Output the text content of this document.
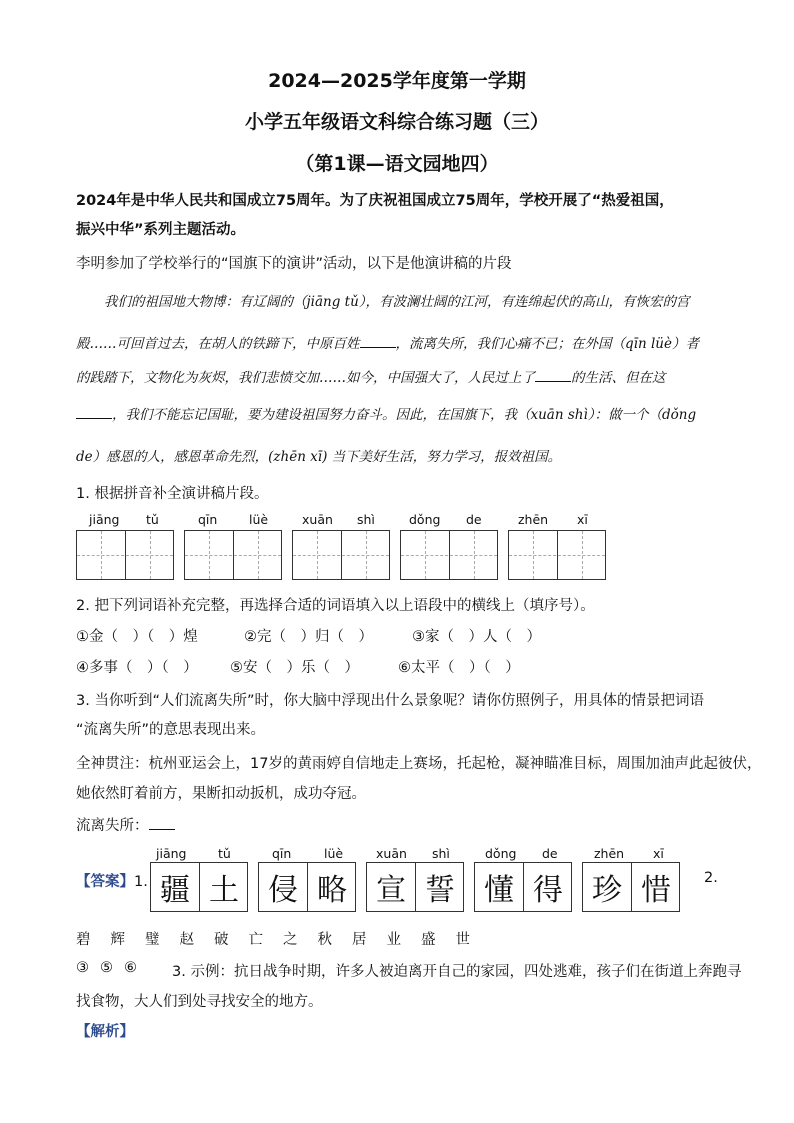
2024—2025学年度第一学期
小学五年级语文科综合练习题（三）
（第1课—语文园地四）
2024年是中华人民共和国成立75周年。为了庆祝祖国成立75周年，学校开展了“热爱祖国，
振兴中华”系列主题活动。
李明参加了学校举行的“国旗下的演讲”活动，以下是他演讲稿的片段
我们的祖国地大物博：有辽阔的（jiāng tǔ），有波澜壮阔的江河，有连绵起伏的高山，有恢宏的宫
殿……可回首过去，在胡人的铁蹄下，中原百姓	，流离失所，我们心痛不已；在外国（qīn lüè）者
的践踏下，文物化为灰烬，我们悲愤交加……如今，中国强大了，人民过上了	的生活、但在这
，我们不能忘记国耻，要为建设祖国努力奋斗。因此，在国旗下，我（xuān shì）：做一个（dǒng
de）感恩的人，感恩革命先烈，(zhēn xī) 当下美好生活，努力学习，报效祖国。
1. 根据拼音补全演讲稿片段。
jiāng tǔ	qīn	lüè	xuān shì	dǒng de	zhēn xī
2. 把下列词语补充完整，再选择合适的词语填入以上语段中的横线上（填序号）。
①金（　）（　）煌	②完（　）归（　）	③家（　）人（　）
④多事（　）（　） ⑤安（　）乐（　）	⑥太平（　）（　）
3. 当你听到“人们流离失所”时，你大脑中浮现出什么景象呢？请你仿照例子，用具体的情景把词语
“流离失所”的意思表现出来。
全神贯注：杭州亚运会上，17岁的黄雨婷自信地走上赛场，托起枪，凝神瞄准目标，周围加油声此起彼伏，
她依然盯着前方，果断扣动扳机，成功夺冠。
流离失所：
【答案】1.
jiāng	tǔ	qīn	lüè	xuān shì	dǒng de	zhēn xī
疆 土 侵 略 宣 誓 懂 得 珍 惜	2.
碧 辉 璧 赵 破 亡 之 秋 居 业 盛 世
③ ⑤ ⑥	3. 示例：抗日战争时期，许多人被迫离开自己的家园，四处逃难，孩子们在街道上奔跑寻
找食物，大人们到处寻找安全的地方。
【解析】
